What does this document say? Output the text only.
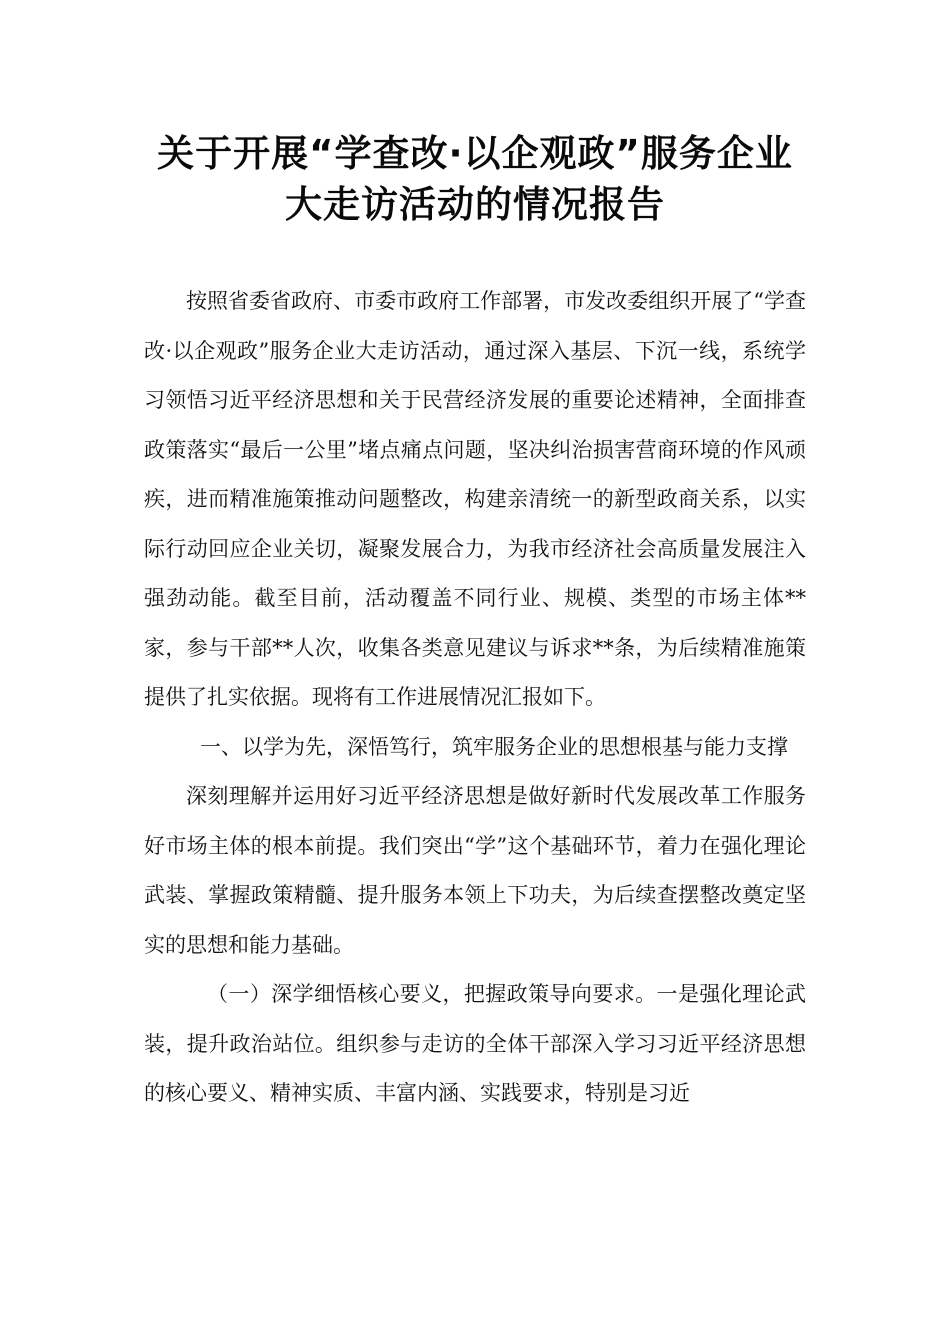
关于开展“学查改·以企观政”服务企业
大走访活动的情况报告

按照省委省政府、市委市政府工作部署，市发改委组织开展了“学查改·以企观政”服务企业大走访活动，通过深入基层、下沉一线，系统学习领悟习近平经济思想和关于民营经济发展的重要论述精神，全面排查政策落实“最后一公里”堵点痛点问题，坚决纠治损害营商环境的作风顽疾，进而精准施策推动问题整改，构建亲清统一的新型政商关系，以实际行动回应企业关切，凝聚发展合力，为我市经济社会高质量发展注入强劲动能。截至目前，活动覆盖不同行业、规模、类型的市场主体**家，参与干部**人次，收集各类意见建议与诉求**条，为后续精准施策提供了扎实依据。现将有工作进展情况汇报如下。

一、以学为先，深悟笃行，筑牢服务企业的思想根基与能力支撑

深刻理解并运用好习近平经济思想是做好新时代发展改革工作服务好市场主体的根本前提。我们突出“学”这个基础环节，着力在强化理论武装、掌握政策精髓、提升服务本领上下功夫，为后续查摆整改奠定坚实的思想和能力基础。

（一）深学细悟核心要义，把握政策导向要求。一是强化理论武装，提升政治站位。组织参与走访的全体干部深入学习习近平经济思想的核心要义、精神实质、丰富内涵、实践要求，特别是习近
